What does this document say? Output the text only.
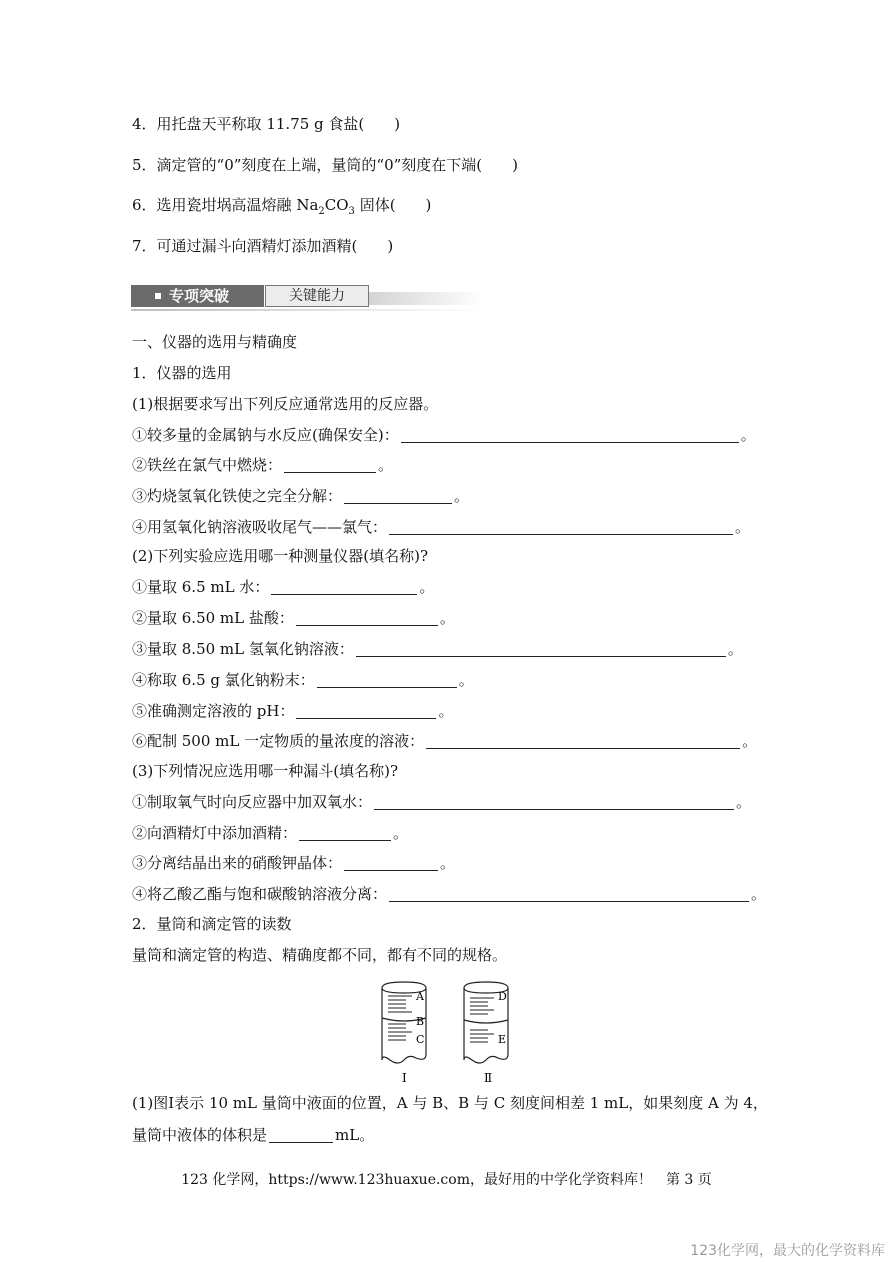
4．用托盘天平称取 11.75 g 食盐(　　)
5．滴定管的“0”刻度在上端，量筒的“0”刻度在下端(　　)
6．选用瓷坩埚高温熔融 $Na_2CO_3$ 固体(　　)
7．可通过漏斗向酒精灯添加酒精(　　)
专项突破	关键能力
一、仪器的选用与精确度
1．仪器的选用
(1)根据要求写出下列反应通常选用的反应器。
①较多量的金属钠与水反应(确保安全)：	。
②铁丝在氯气中燃烧：	。
③灼烧氢氧化铁使之完全分解：	。
④用氢氧化钠溶液吸收尾气——氯气：	。
(2)下列实验应选用哪一种测量仪器(填名称)?
①量取 6.5 mL 水：	。
②量取 6.50 mL 盐酸：	。
③量取 8.50 mL 氢氧化钠溶液：	。
④称取 6.5 g 氯化钠粉末：	。
⑤准确测定溶液的 pH：	。
⑥配制 500 mL 一定物质的量浓度的溶液：	。
(3)下列情况应选用哪一种漏斗(填名称)?
①制取氧气时向反应器中加双氧水：	。
②向酒精灯中添加酒精：	。
③分离结晶出来的硝酸钾晶体：	。
④将乙酸乙酯与饱和碳酸钠溶液分离：	。
2．量筒和滴定管的读数
量筒和滴定管的构造、精确度都不同，都有不同的规格。
A
B
C
D
E
Ⅰ	Ⅱ
(1)图Ⅰ表示 10 mL 量筒中液面的位置，A 与 B、B 与 C 刻度间相差 1 mL，如果刻度 A 为 4，
量筒中液体的体积是	mL。
123 化学网，https://www.123huaxue.com，最好用的中学化学资料库！　第 3 页
123化学网，最大的化学资料库
